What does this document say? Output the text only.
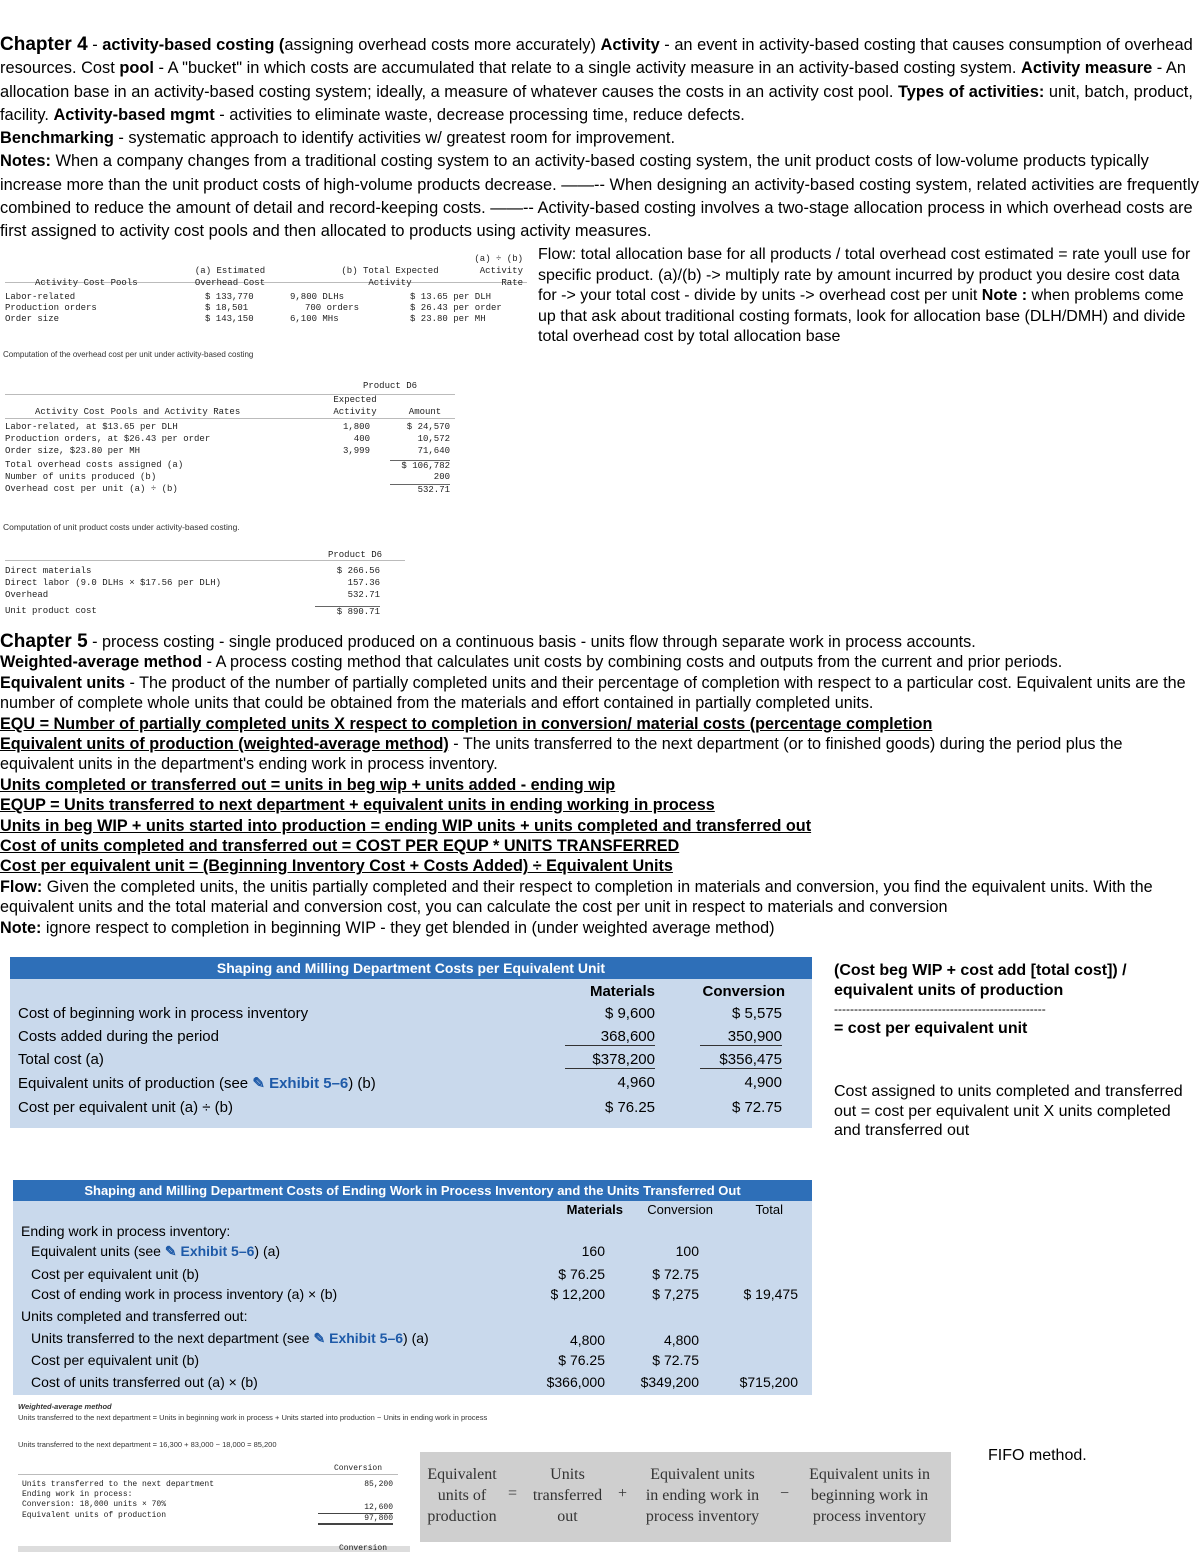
Chapter 4 - activity-based costing (assigning overhead costs more accurately) Activity - an event in activity-based costing that causes consumption of overhead resources. Cost pool - A "bucket" in which costs are accumulated that relate to a single activity measure in an activity-based costing system. Activity measure - An allocation base in an activity-based costing system; ideally, a measure of whatever causes the costs in an activity cost pool. Types of activities: unit, batch, product, facility. Activity-based mgmt - activities to eliminate waste, decrease processing time, reduce defects.
Benchmarking - systematic approach to identify activities w/ greatest room for improvement.
Notes: When a company changes from a traditional costing system to an activity-based costing system, the unit product costs of low-volume products typically increase more than the unit product costs of high-volume products decrease. ——-- When designing an activity-based costing system, related activities are frequently combined to reduce the amount of detail and record-keeping costs. ——-- Activity-based costing involves a two-stage allocation process in which overhead costs are first assigned to activity cost pools and then allocated to products using activity measures.
Flow: total allocation base for all products / total overhead cost estimated = rate youll use for specific product. (a)/(b) -> multiply rate by amount incurred by product you desire cost data for -> your total cost - divide by units -> overhead cost per unit Note : when problems come up that ask about traditional costing formats, look for allocation base (DLH/DMH) and divide total overhead cost by total allocation base
(a) ÷ (b)
(a) Estimated	(b) Total Expected	Activity
Activity Cost Pools	Overhead Cost	Activity	Rate
Labor-related	$ 133,770	9,800 DLHs	$ 13.65 per DLH
Production orders	$ 18,501	700 orders	$ 26.43 per order
Order size	$ 143,150	6,100 MHs	$ 23.80 per MH
Computation of the overhead cost per unit under activity-based costing
Product D6
Expected
Activity Cost Pools and Activity Rates	Activity	Amount
Labor-related, at $13.65 per DLH	1,800	$ 24,570
Production orders, at $26.43 per order	400	10,572
Order size, $23.80 per MH	3,999	71,640
Total overhead costs assigned (a)	$ 106,782
Number of units produced (b)	200
Overhead cost per unit (a) ÷ (b)	532.71
Computation of unit product costs under activity-based costing.
Product D6
Direct materials	$ 266.56
Direct labor (9.0 DLHs × $17.56 per DLH)	157.36
Overhead	532.71
Unit product cost	$ 890.71
Chapter 5 - process costing - single produced produced on a continuous basis - units flow through separate work in process accounts.
Weighted-average method - A process costing method that calculates unit costs by combining costs and outputs from the current and prior periods.
Equivalent units - The product of the number of partially completed units and their percentage of completion with respect to a particular cost. Equivalent units are the number of complete whole units that could be obtained from the materials and effort contained in partially completed units.
EQU = Number of partially completed units X respect to completion in conversion/ material costs (percentage completion
Equivalent units of production (weighted-average method) - The units transferred to the next department (or to finished goods) during the period plus the equivalent units in the department's ending work in process inventory.
Units completed or transferred out = units in beg wip + units added - ending wip
EQUP = Units transferred to next department + equivalent units in ending working in process
Units in beg WIP + units started into production = ending WIP units + units completed and transferred out
Cost of units completed and transferred out = COST PER EQUP * UNITS TRANSFERRED
Cost per equivalent unit = (Beginning Inventory Cost + Costs Added) ÷ Equivalent Units
Flow: Given the completed units, the unitis partially completed and their respect to completion in materials and conversion, you find the equivalent units. With the equivalent units and the total material and conversion cost, you can calculate the cost per unit in respect to materials and conversion
Note: ignore respect to completion in beginning WIP - they get blended in (under weighted average method)
Shaping and Milling Department Costs per Equivalent Unit
Materials	Conversion
Cost of beginning work in process inventory	$ 9,600	$ 5,575
Costs added during the period	368,600	350,900
Total cost (a)	$378,200	$356,475
Equivalent units of production (see ✎ Exhibit 5–6) (b)	4,960	4,900
Cost per equivalent unit (a) ÷ (b)	$ 76.25	$ 72.75
(Cost beg WIP + cost add [total cost]) / equivalent units of production
-----------------------------------------------------
= cost per equivalent unit
Cost assigned to units completed and transferred out = cost per equivalent unit X units completed and transferred out
Shaping and Milling Department Costs of Ending Work in Process Inventory and the Units Transferred Out
Materials	Conversion	Total
Ending work in process inventory:
Equivalent units (see ✎ Exhibit 5–6) (a)	160	100
Cost per equivalent unit (b)	$ 76.25	$ 72.75
Cost of ending work in process inventory (a) × (b)	$ 12,200	$ 7,275	$ 19,475
Units completed and transferred out:
Units transferred to the next department (see ✎ Exhibit 5–6) (a)	4,800	4,800
Cost per equivalent unit (b)	$ 76.25	$ 72.75
Cost of units transferred out (a) × (b)	$366,000	$349,200	$715,200
Weighted-average method
Units transferred to the next department = Units in beginning work in process + Units started into production − Units in ending work in process
Units transferred to the next department = 16,300 + 83,000 − 18,000 = 85,200
Conversion
Units transferred to the next department	85,200
Ending work in process:
Conversion: 18,000 units × 70%	12,600
Equivalent units of production	97,800
Conversion
Equivalent
units of
production
=
Units
transferred
out
+
Equivalent units
in ending work in
process inventory
−
Equivalent units in
beginning work in
process inventory
FIFO method.
